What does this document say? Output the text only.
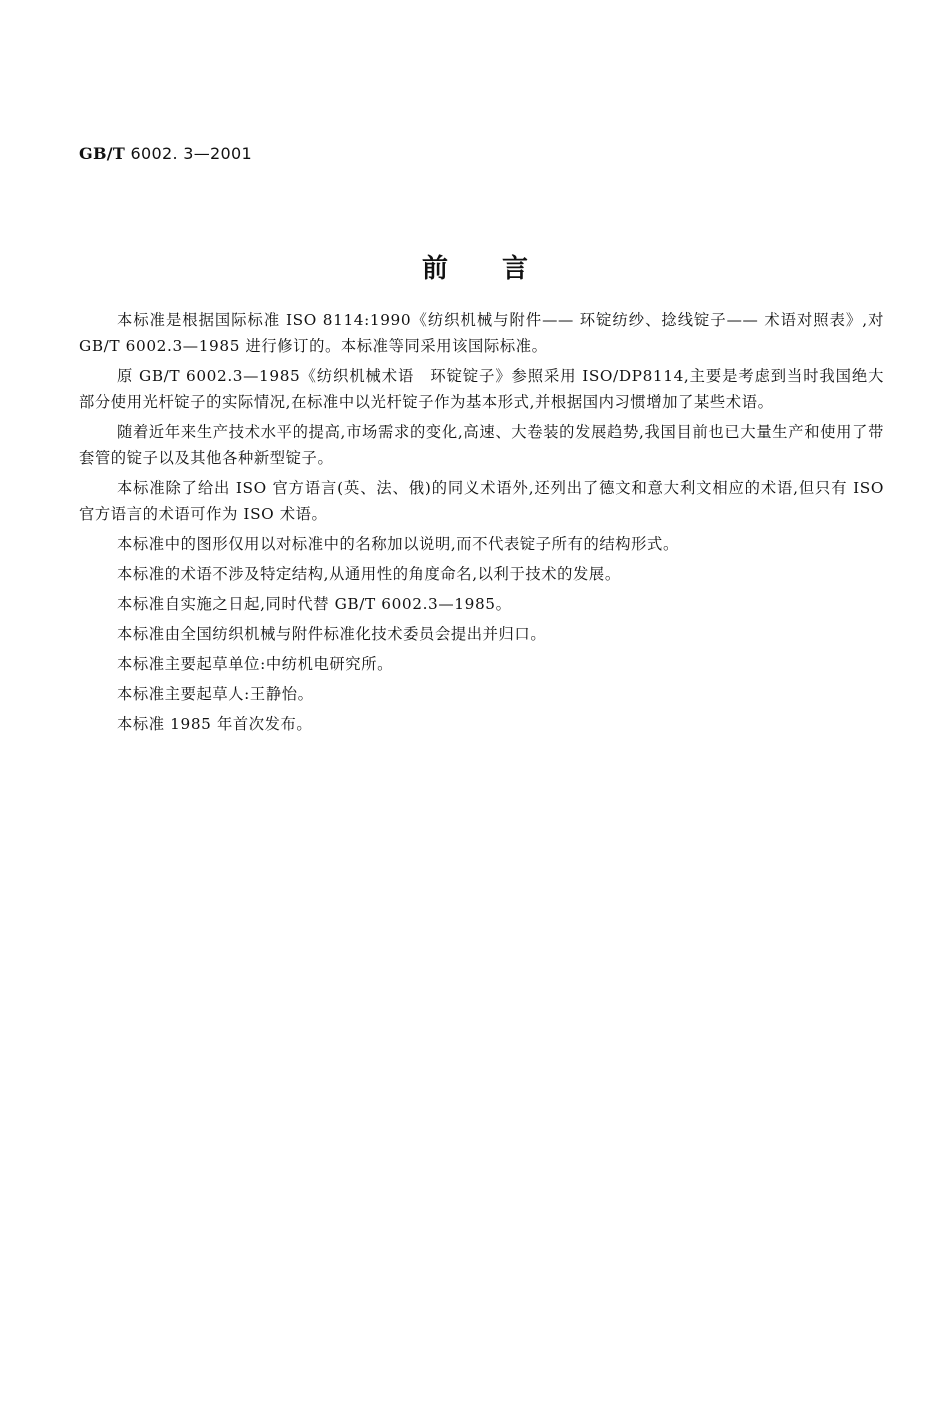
GB/T 6002. 3—2001
前言

本标准是根据国际标准 ISO 8114:1990《纺织机械与附件—— 环锭纺纱、捻线锭子—— 术语对照表》,对 GB/T 6002.3—1985 进行修订的。本标准等同采用该国际标准。

原 GB/T 6002.3—1985《纺织机械术语　环锭锭子》参照采用 ISO/DP8114,主要是考虑到当时我国绝大部分使用光杆锭子的实际情况,在标准中以光杆锭子作为基本形式,并根据国内习惯增加了某些术语。

随着近年来生产技术水平的提高,市场需求的变化,高速、大卷装的发展趋势,我国目前也已大量生产和使用了带套管的锭子以及其他各种新型锭子。

本标准除了给出 ISO 官方语言(英、法、俄)的同义术语外,还列出了德文和意大利文相应的术语,但只有 ISO 官方语言的术语可作为 ISO 术语。

本标准中的图形仅用以对标准中的名称加以说明,而不代表锭子所有的结构形式。

本标准的术语不涉及特定结构,从通用性的角度命名,以利于技术的发展。

本标准自实施之日起,同时代替 GB/T 6002.3—1985。

本标准由全国纺织机械与附件标准化技术委员会提出并归口。

本标准主要起草单位:中纺机电研究所。

本标准主要起草人:王静怡。

本标准 1985 年首次发布。
